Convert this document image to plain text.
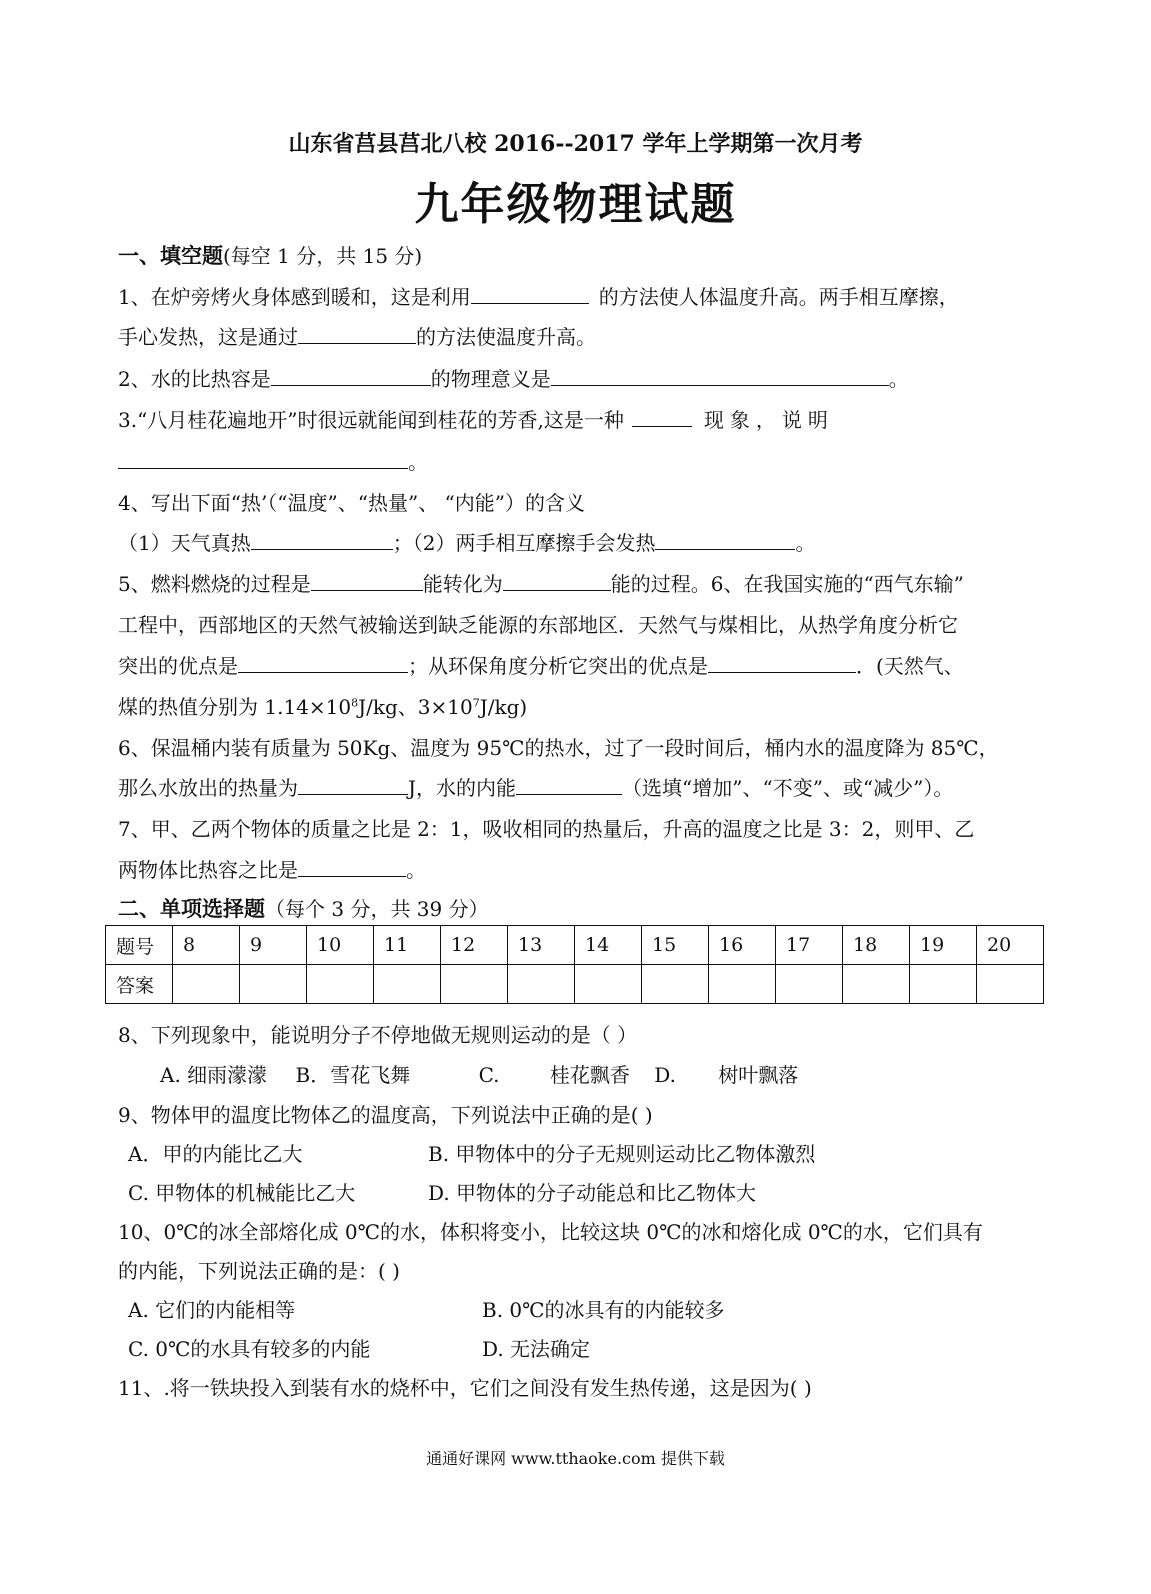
山东省莒县莒北八校 2016--2017 学年上学期第一次月考
九年级物理试题
一、填空题(每空 1 分，共 15 分)
1、在炉旁烤火身体感到暖和，这是利用	的方法使人体温度升高。两手相互摩擦，
手心发热，这是通过	的方法使温度升高。
2、水的比热容是	的物理意义是	。
3.“八月桂花遍地开”时很远就能闻到桂花的芳香,这是一种	现象，说明
。
4、写出下面“热’（“温度”、“热量”、 “内能”）的含义
（1）天气真热	；（2）两手相互摩擦手会发热	。
5、燃料燃烧的过程是	能转化为	能的过程。6、在我国实施的“西气东输”
工程中，西部地区的天然气被输送到缺乏能源的东部地区．天然气与煤相比，从热学角度分析它
突出的优点是	；从环保角度分析它突出的优点是	．(天然气、
煤的热值分别为 $1.14\times 10^8J/kg$、$3\times 10^7J/kg$)
6、保温桶内装有质量为 50Kg、温度为 95℃的热水，过了一段时间后，桶内水的温度降为 85℃，
那么水放出的热量为	J，水的内能	（选填“增加”、“不变”、或“减少”）。
7、甲、乙两个物体的质量之比是 2：1，吸收相同的热量后，升高的温度之比是 3：2，则甲、乙
两物体比热容之比是	。
二、单项选择题（每个 3 分，共 39 分）
题号	8	9	10	11	12	13	14	15	16	17	18	19	20
答案													
8、下列现象中，能说明分子不停地做无规则运动的是（ ）
A. 细雨濛濛 B．雪花飞舞	C.	桂花飘香 D. 树叶飘落
9、物体甲的温度比物体乙的温度高，下列说法中正确的是( )
A．甲的内能比乙大	B. 甲物体中的分子无规则运动比乙物体激烈
C. 甲物体的机械能比乙大	D. 甲物体的分子动能总和比乙物体大
10、0℃的冰全部熔化成 0℃的水，体积将变小，比较这块 0℃的冰和熔化成 0℃的水，它们具有
的内能，下列说法正确的是：( )
A. 它们的内能相等	B. 0℃的冰具有的内能较多
C. 0℃的水具有较多的内能	D. 无法确定
11、.将一铁块投入到装有水的烧杯中，它们之间没有发生热传递，这是因为( )
通通好课网 www.tthaoke.com 提供下载
